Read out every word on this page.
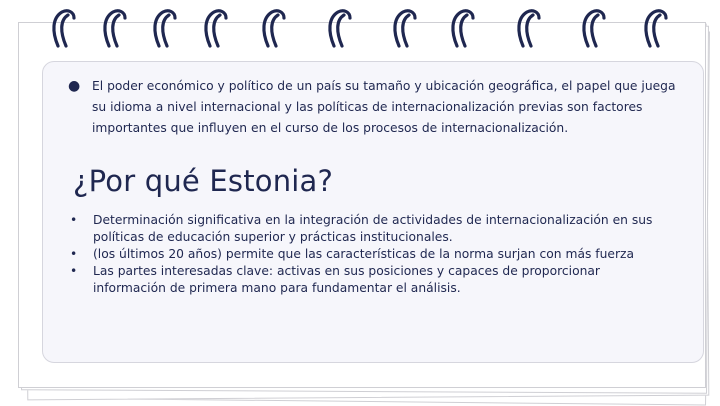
● El poder económico y político de un país su tamaño y ubicación geográfica, el papel que juega su idioma a nivel internacional y las políticas de internacionalización previas son factores importantes que influyen en el curso de los procesos de internacionalización.
¿Por qué Estonia?
•	Determinación significativa en la integración de actividades de internacionalización en sus políticas de educación superior y prácticas institucionales.
•	(los últimos 20 años) permite que las características de la norma surjan con más fuerza
•	Las partes interesadas clave: activas en sus posiciones y capaces de proporcionar información de primera mano para fundamentar el análisis.
